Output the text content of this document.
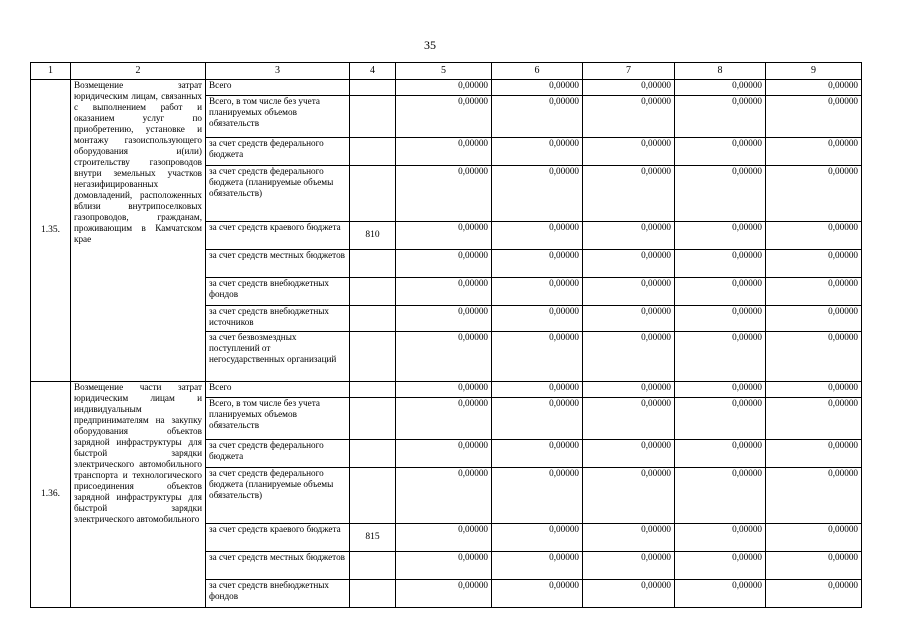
35
1	2	3	4	5	6	7	8	9
1.35.	Возмещение затрат юридическим лицам, связанных с выполнением работ и оказанием услуг по приобретению, установке и монтажу газоиспользующего оборудования и(или) строительству газопроводов внутри земельных участков негазифицированных домовладений, расположенных вблизи внутрипоселковых газопроводов, гражданам, проживающим в Камчатском крае	Всего		0,00000	0,00000	0,00000	0,00000	0,00000
		Всего, в том числе без учета планируемых объемов обязательств		0,00000	0,00000	0,00000	0,00000	0,00000
		за счет средств федерального бюджета		0,00000	0,00000	0,00000	0,00000	0,00000
		за счет средств федерального бюджета (планируемые объемы обязательств)		0,00000	0,00000	0,00000	0,00000	0,00000
		за счет средств краевого бюджета	810	0,00000	0,00000	0,00000	0,00000	0,00000
		за счет средств местных бюджетов		0,00000	0,00000	0,00000	0,00000	0,00000
		за счет средств внебюджетных фондов		0,00000	0,00000	0,00000	0,00000	0,00000
		за счет средств внебюджетных источников		0,00000	0,00000	0,00000	0,00000	0,00000
		за счет безвозмездных поступлений от негосударственных организаций		0,00000	0,00000	0,00000	0,00000	0,00000
1.36.	Возмещение части затрат юридическим лицам и индивидуальным предпринимателям на закупку оборудования объектов зарядной инфраструктуры для быстрой зарядки электрического автомобильного транспорта и технологического присоединения объектов зарядной инфраструктуры для быстрой зарядки электрического автомобильного	Всего		0,00000	0,00000	0,00000	0,00000	0,00000
		Всего, в том числе без учета планируемых объемов обязательств		0,00000	0,00000	0,00000	0,00000	0,00000
		за счет средств федерального бюджета		0,00000	0,00000	0,00000	0,00000	0,00000
		за счет средств федерального бюджета (планируемые объемы обязательств)		0,00000	0,00000	0,00000	0,00000	0,00000
		за счет средств краевого бюджета	815	0,00000	0,00000	0,00000	0,00000	0,00000
		за счет средств местных бюджетов		0,00000	0,00000	0,00000	0,00000	0,00000
		за счет средств внебюджетных фондов		0,00000	0,00000	0,00000	0,00000	0,00000
